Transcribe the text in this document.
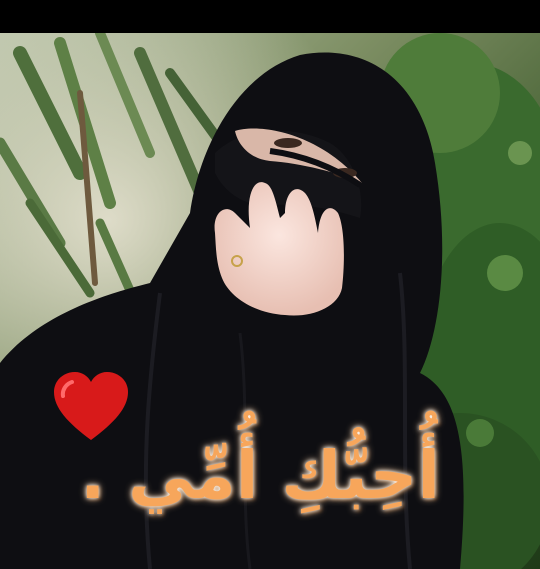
أُحِبُّكِ أُمِّي .
